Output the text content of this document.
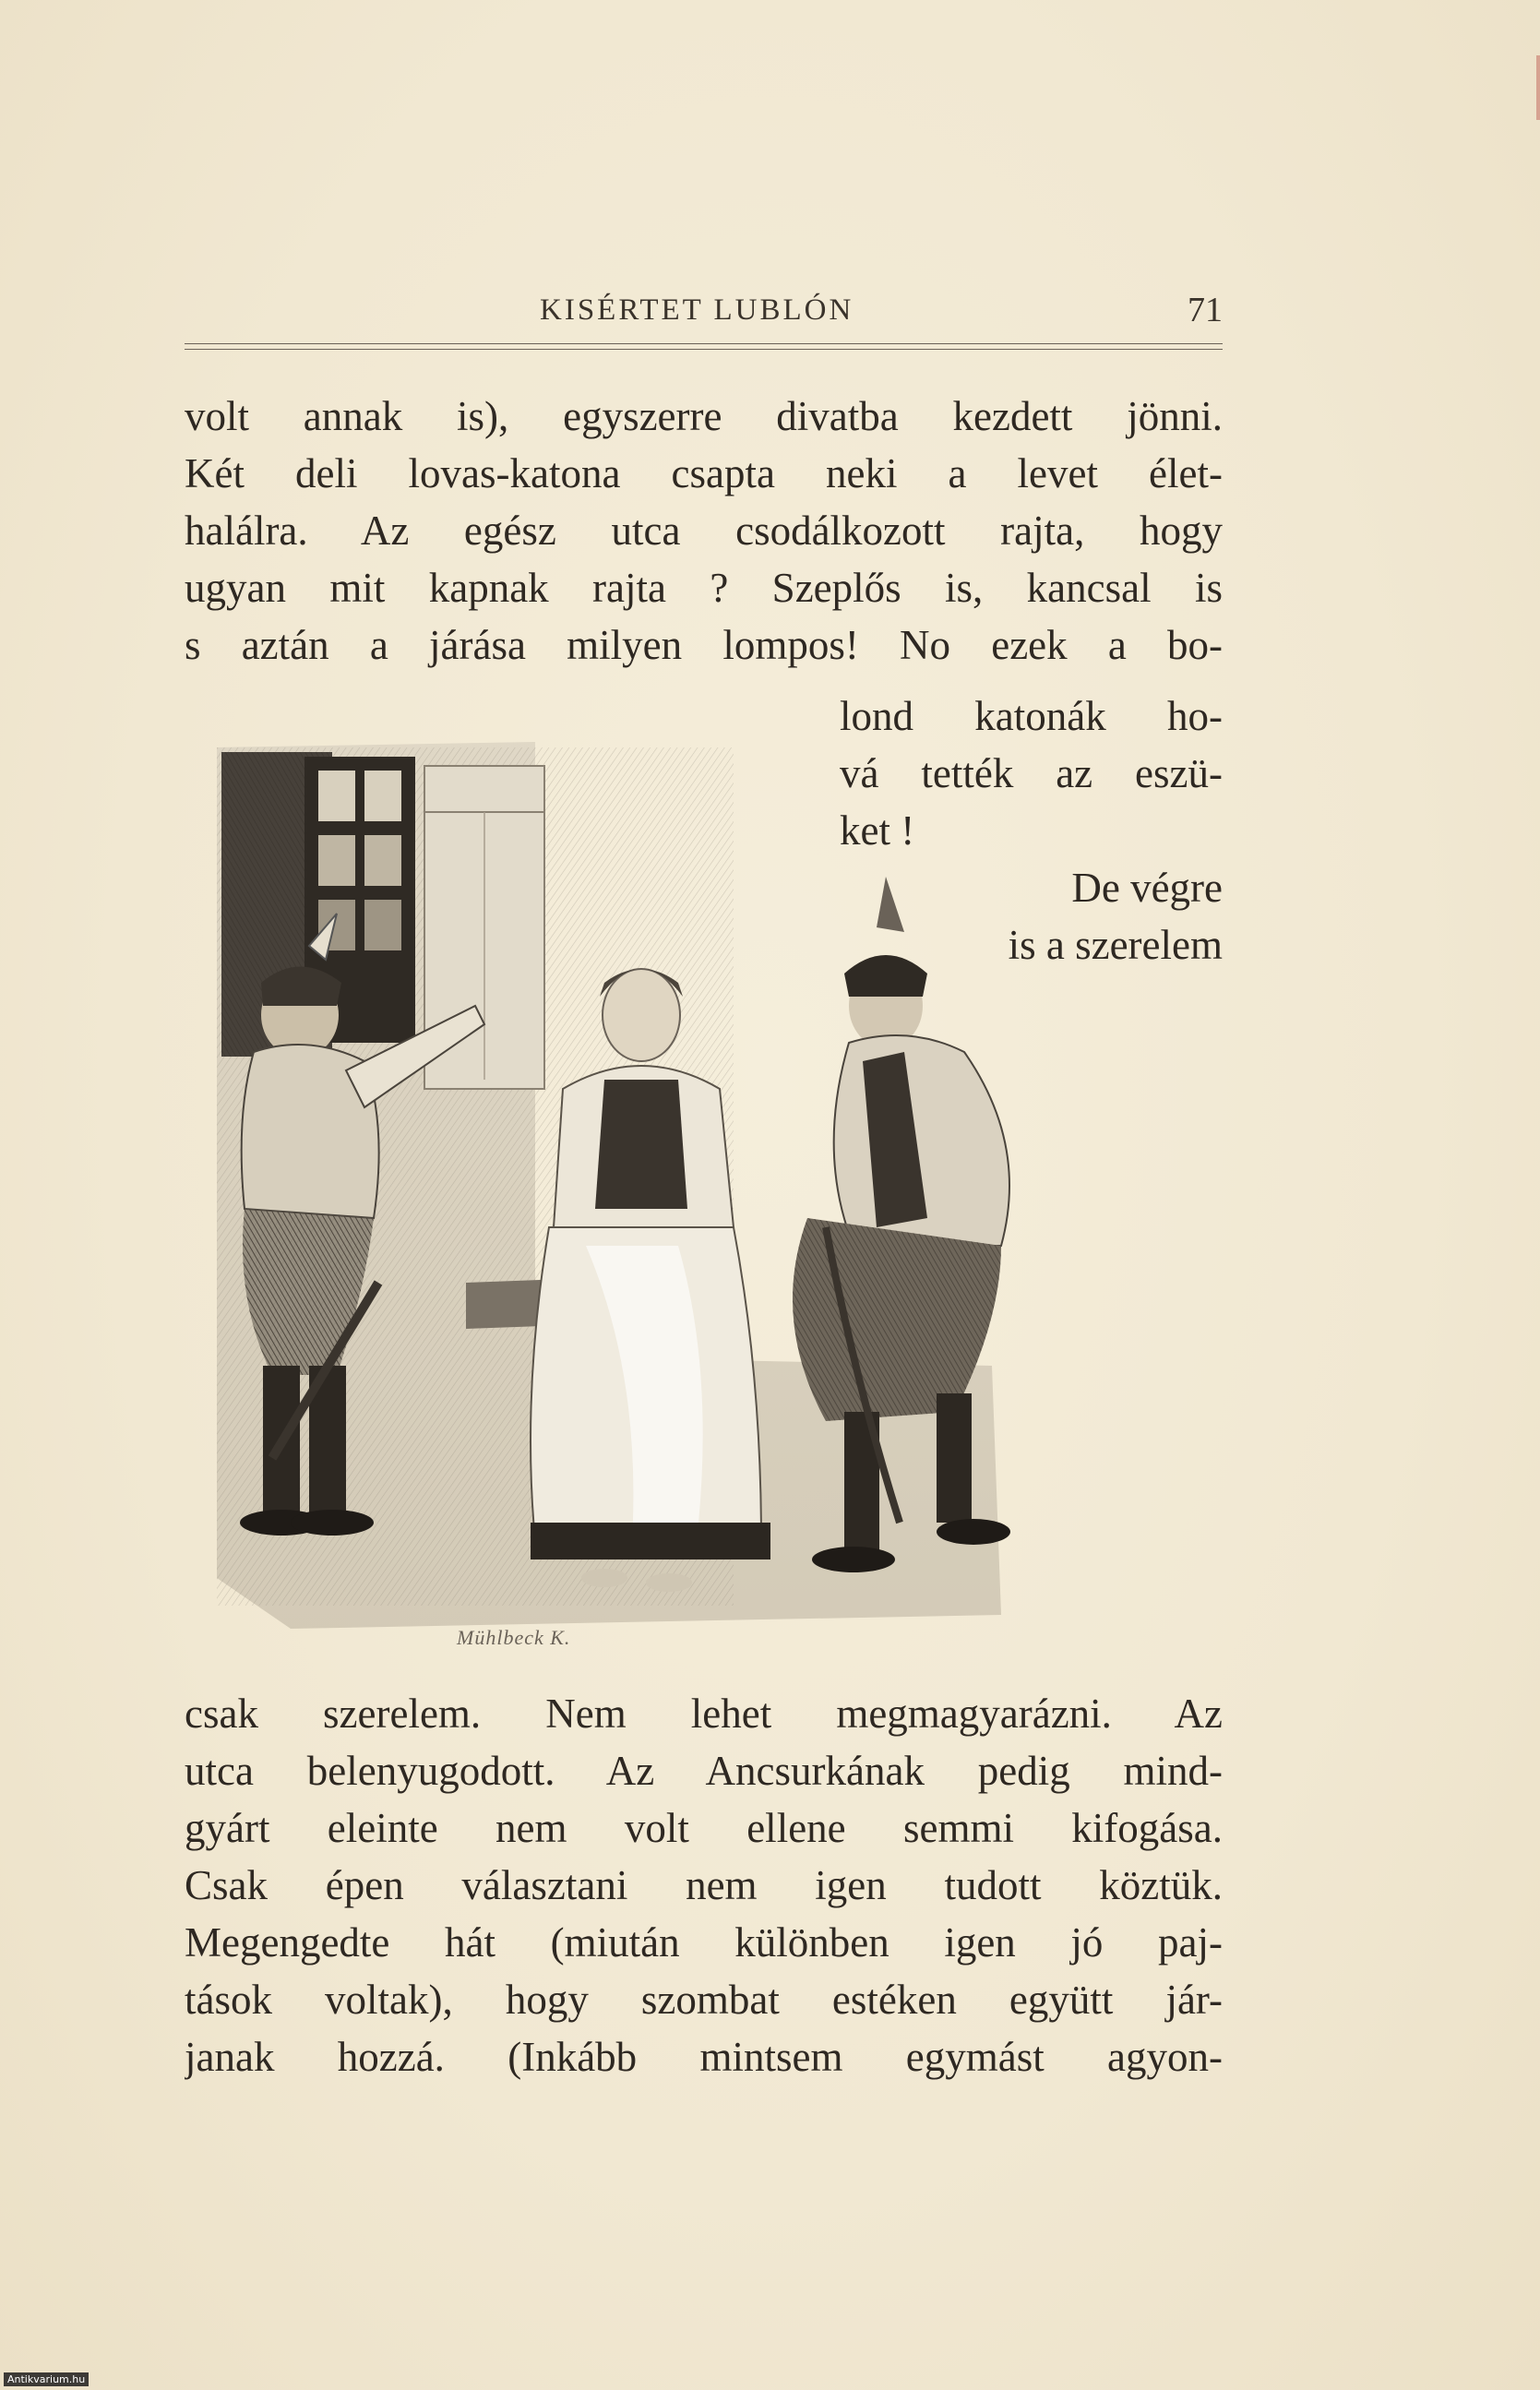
KISÉRTET LUBLÓN	71
volt annak is), egyszerre divatba kezdett jönni.
Két deli lovas-katona csapta neki a levet élet-
halálra. Az egész utca csodálkozott rajta, hogy
ugyan mit kapnak rajta ? Szeplős is, kancsal is
s aztán a járása milyen lompos! No ezek a bo-
lond katonák ho-
vá tették az eszü-
ket !
De végre
is a szerelem
Mühlbeck K.
csak szerelem. Nem lehet megmagyarázni. Az
utca belenyugodott. Az Ancsurkának pedig mind-
gyárt eleinte nem volt ellene semmi kifogása.
Csak épen választani nem igen tudott köztük.
Megengedte hát (miután különben igen jó paj-
tások voltak), hogy szombat estéken együtt jár-
janak hozzá. (Inkább mintsem egymást agyon-
Antikvarium.hu
